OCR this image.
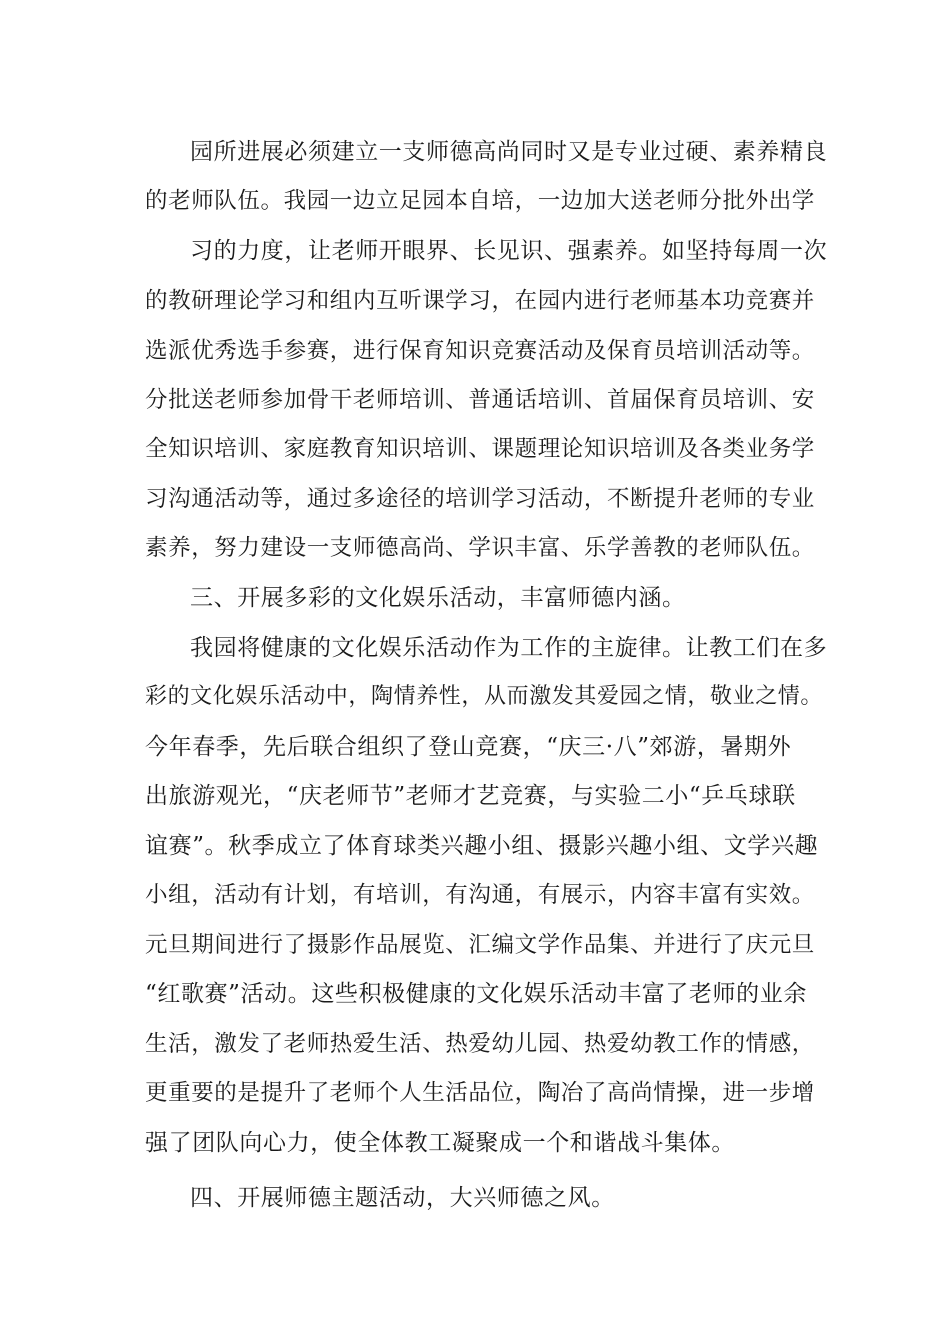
园所进展必须建立一支师德高尚同时又是专业过硬、素养精良
的老师队伍。我园一边立足园本自培，一边加大送老师分批外出学
习的力度，让老师开眼界、长见识、强素养。如坚持每周一次
的教研理论学习和组内互听课学习，在园内进行老师基本功竞赛并
选派优秀选手参赛，进行保育知识竞赛活动及保育员培训活动等。
分批送老师参加骨干老师培训、普通话培训、首届保育员培训、安
全知识培训、家庭教育知识培训、课题理论知识培训及各类业务学
习沟通活动等，通过多途径的培训学习活动，不断提升老师的专业
素养，努力建设一支师德高尚、学识丰富、乐学善教的老师队伍。
三、开展多彩的文化娱乐活动，丰富师德内涵。
我园将健康的文化娱乐活动作为工作的主旋律。让教工们在多
彩的文化娱乐活动中，陶情养性，从而激发其爱园之情，敬业之情。
今年春季，先后联合组织了登山竞赛，“庆三·八”郊游，暑期外
出旅游观光，“庆老师节”老师才艺竞赛，与实验二小“乒乓球联
谊赛”。秋季成立了体育球类兴趣小组、摄影兴趣小组、文学兴趣
小组，活动有计划，有培训，有沟通，有展示，内容丰富有实效。
元旦期间进行了摄影作品展览、汇编文学作品集、并进行了庆元旦
“红歌赛”活动。这些积极健康的文化娱乐活动丰富了老师的业余
生活，激发了老师热爱生活、热爱幼儿园、热爱幼教工作的情感，
更重要的是提升了老师个人生活品位，陶冶了高尚情操，进一步增
强了团队向心力，使全体教工凝聚成一个和谐战斗集体。
四、开展师德主题活动，大兴师德之风。
